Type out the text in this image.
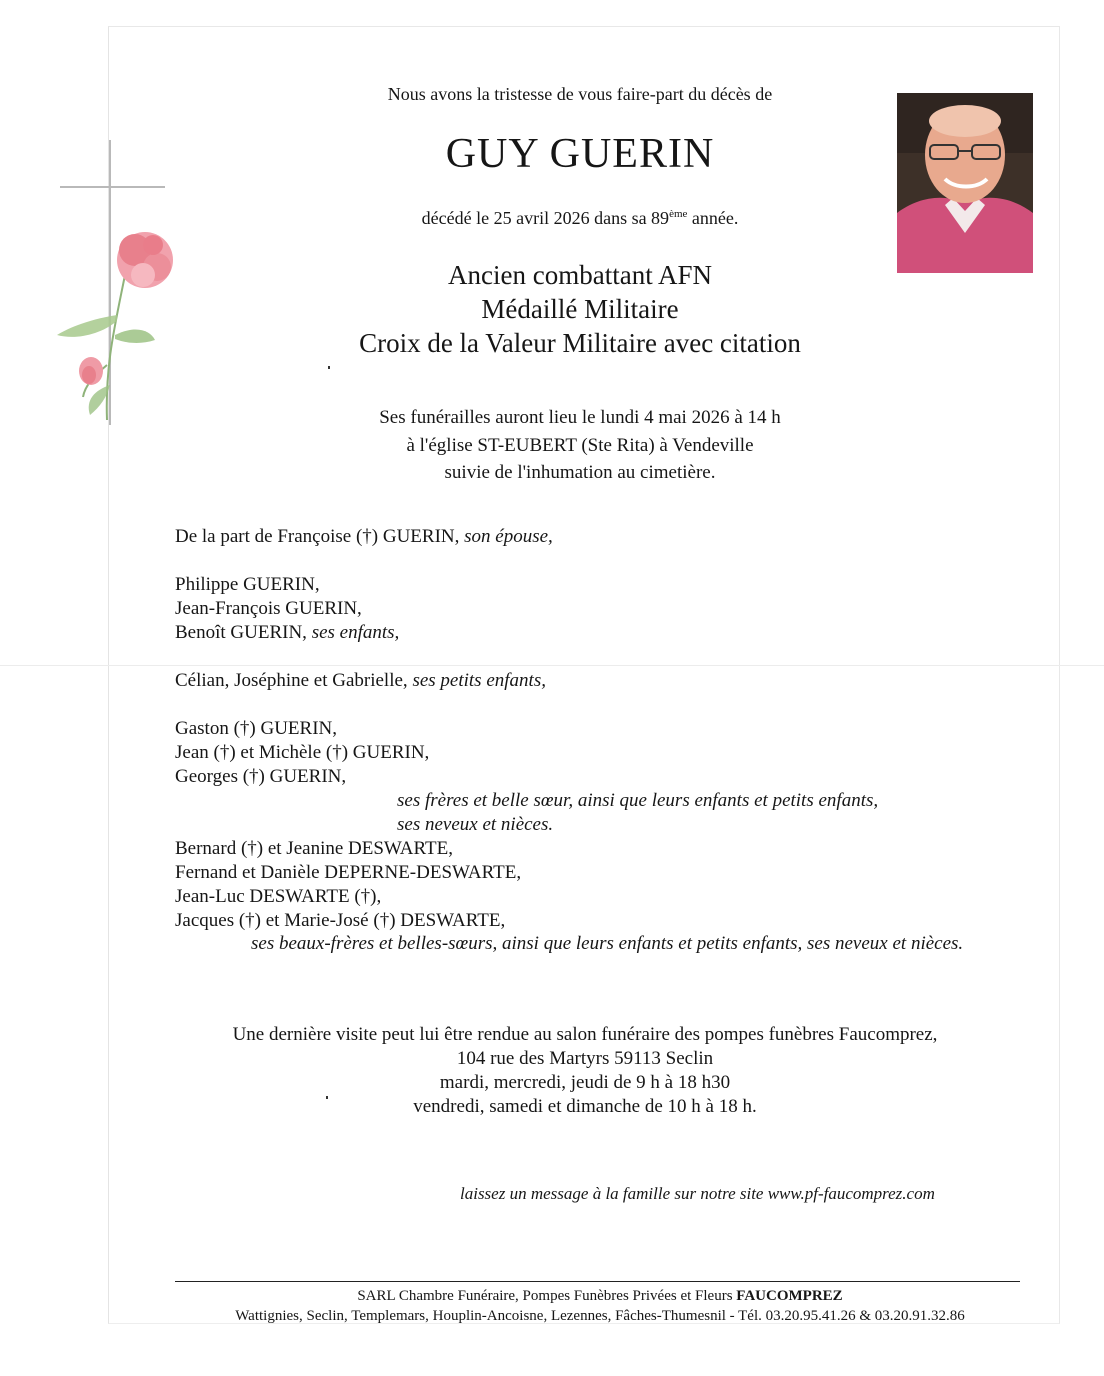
Nous avons la tristesse de vous faire-part du décès de
GUY GUERIN
décédé le 25 avril 2026 dans sa 89ème année.
Ancien combattant AFN
Médaillé Militaire
Croix de la Valeur Militaire avec citation
Ses funérailles auront lieu le lundi 4 mai 2026 à 14 h
à l'église ST-EUBERT (Ste Rita) à Vendeville
suivie de l'inhumation au cimetière.
De la part de Françoise (†) GUERIN, son épouse,
Philippe GUERIN,
Jean-François GUERIN,
Benoît GUERIN, ses enfants,
Célian, Joséphine et Gabrielle, ses petits enfants,
Gaston (†) GUERIN,
Jean (†) et Michèle (†) GUERIN,
Georges (†) GUERIN,
ses frères et belle sœur, ainsi que leurs enfants et petits enfants,
ses neveux et nièces.
Bernard (†) et Jeanine DESWARTE,
Fernand et Danièle DEPERNE-DESWARTE,
Jean-Luc DESWARTE (†),
Jacques (†) et Marie-José (†) DESWARTE,
ses beaux-frères et belles-sœurs, ainsi que leurs enfants et petits enfants, ses neveux et nièces.
Une dernière visite peut lui être rendue au salon funéraire des pompes funèbres Faucomprez,
104 rue des Martyrs 59113 Seclin
mardi, mercredi, jeudi de 9 h à 18 h30
vendredi, samedi et dimanche de 10 h à 18 h.
laissez un message à la famille sur notre site www.pf-faucomprez.com
SARL Chambre Funéraire, Pompes Funèbres Privées et Fleurs FAUCOMPREZ
Wattignies, Seclin, Templemars, Houplin-Ancoisne, Lezennes, Fâches-Thumesnil - Tél. 03.20.95.41.26 & 03.20.91.32.86
